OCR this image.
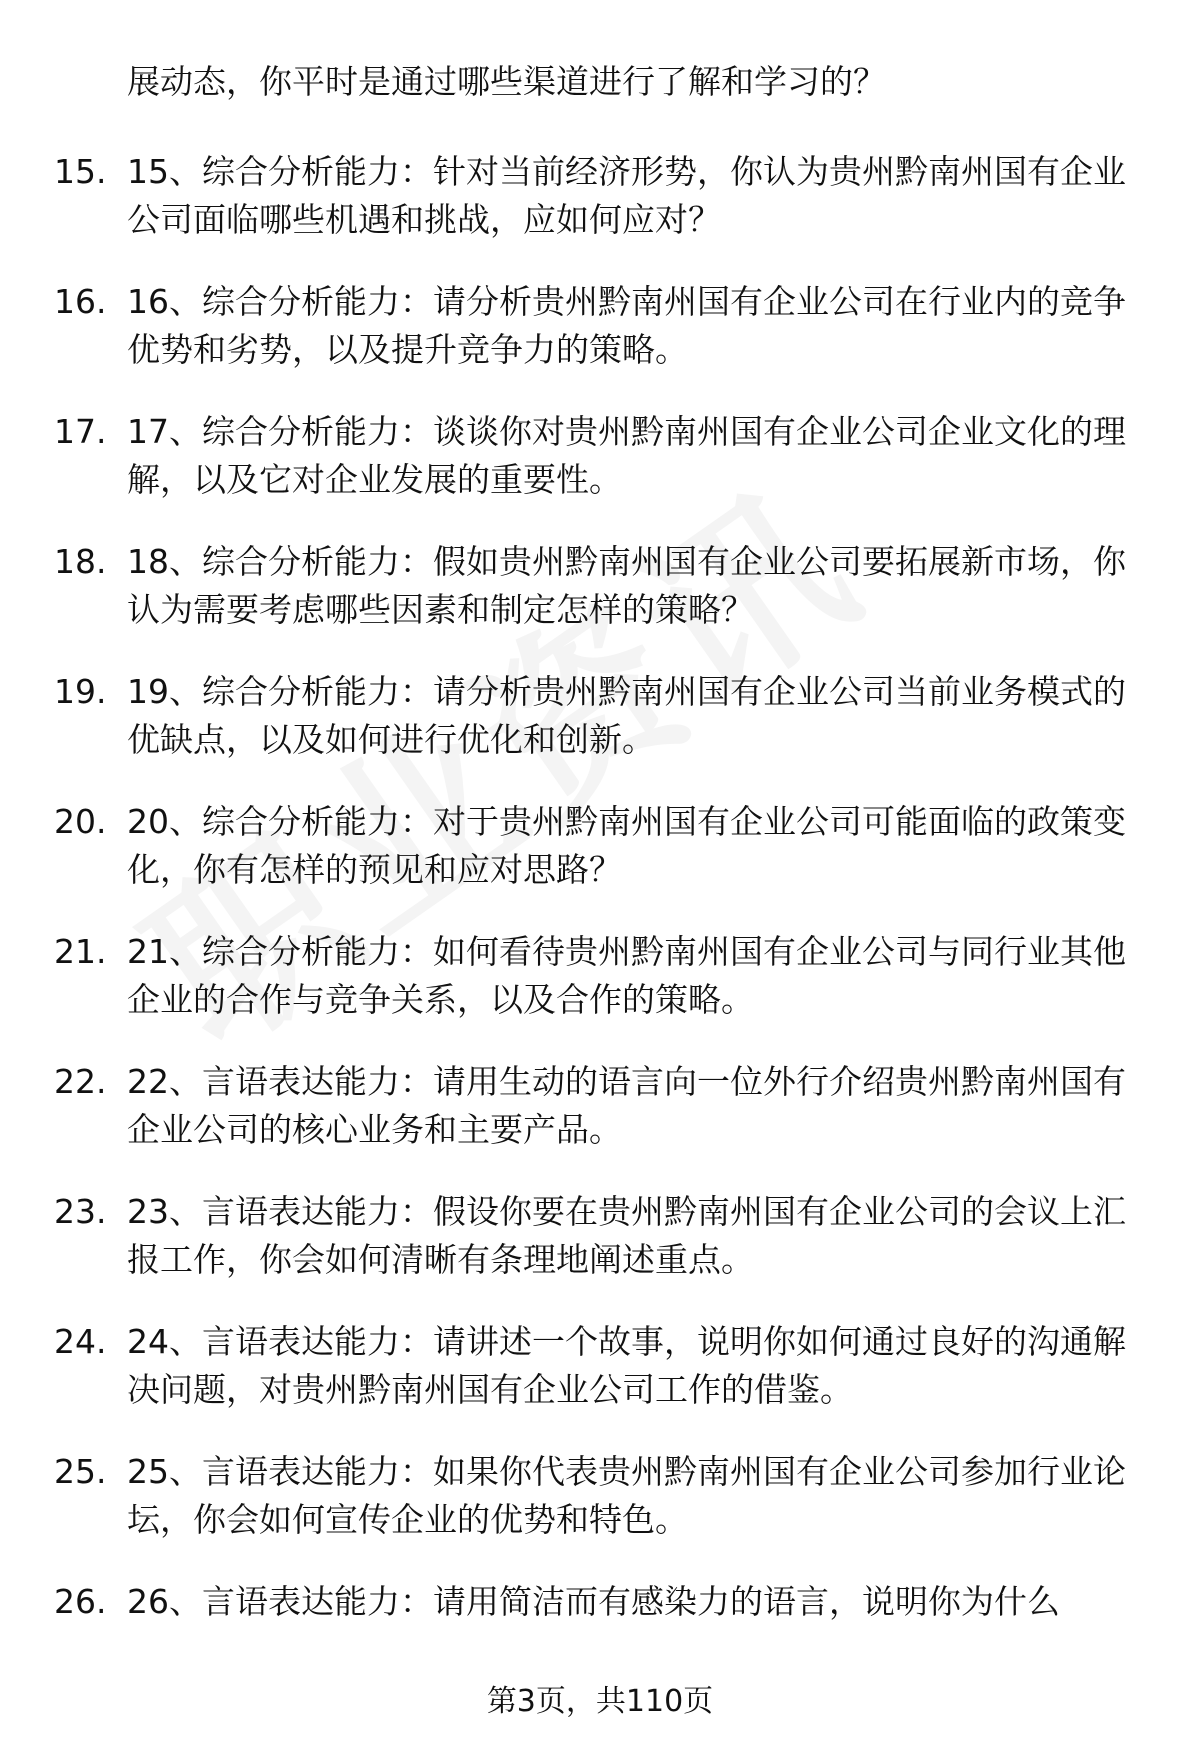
展动态，你平时是通过哪些渠道进行了解和学习的？
15. 15、综合分析能力：针对当前经济形势，你认为贵州黔南州国有企业公司面临哪些机遇和挑战，应如何应对？
16. 16、综合分析能力：请分析贵州黔南州国有企业公司在行业内的竞争优势和劣势，以及提升竞争力的策略。
17. 17、综合分析能力：谈谈你对贵州黔南州国有企业公司企业文化的理解，以及它对企业发展的重要性。
18. 18、综合分析能力：假如贵州黔南州国有企业公司要拓展新市场，你认为需要考虑哪些因素和制定怎样的策略？
19. 19、综合分析能力：请分析贵州黔南州国有企业公司当前业务模式的优缺点，以及如何进行优化和创新。
20. 20、综合分析能力：对于贵州黔南州国有企业公司可能面临的政策变化，你有怎样的预见和应对思路？
21. 21、综合分析能力：如何看待贵州黔南州国有企业公司与同行业其他企业的合作与竞争关系，以及合作的策略。
22. 22、言语表达能力：请用生动的语言向一位外行介绍贵州黔南州国有企业公司的核心业务和主要产品。
23. 23、言语表达能力：假设你要在贵州黔南州国有企业公司的会议上汇报工作，你会如何清晰有条理地阐述重点。
24. 24、言语表达能力：请讲述一个故事，说明你如何通过良好的沟通解决问题，对贵州黔南州国有企业公司工作的借鉴。
25. 25、言语表达能力：如果你代表贵州黔南州国有企业公司参加行业论坛，你会如何宣传企业的优势和特色。
26. 26、言语表达能力：请用简洁而有感染力的语言，说明你为什么
第3页，共110页
